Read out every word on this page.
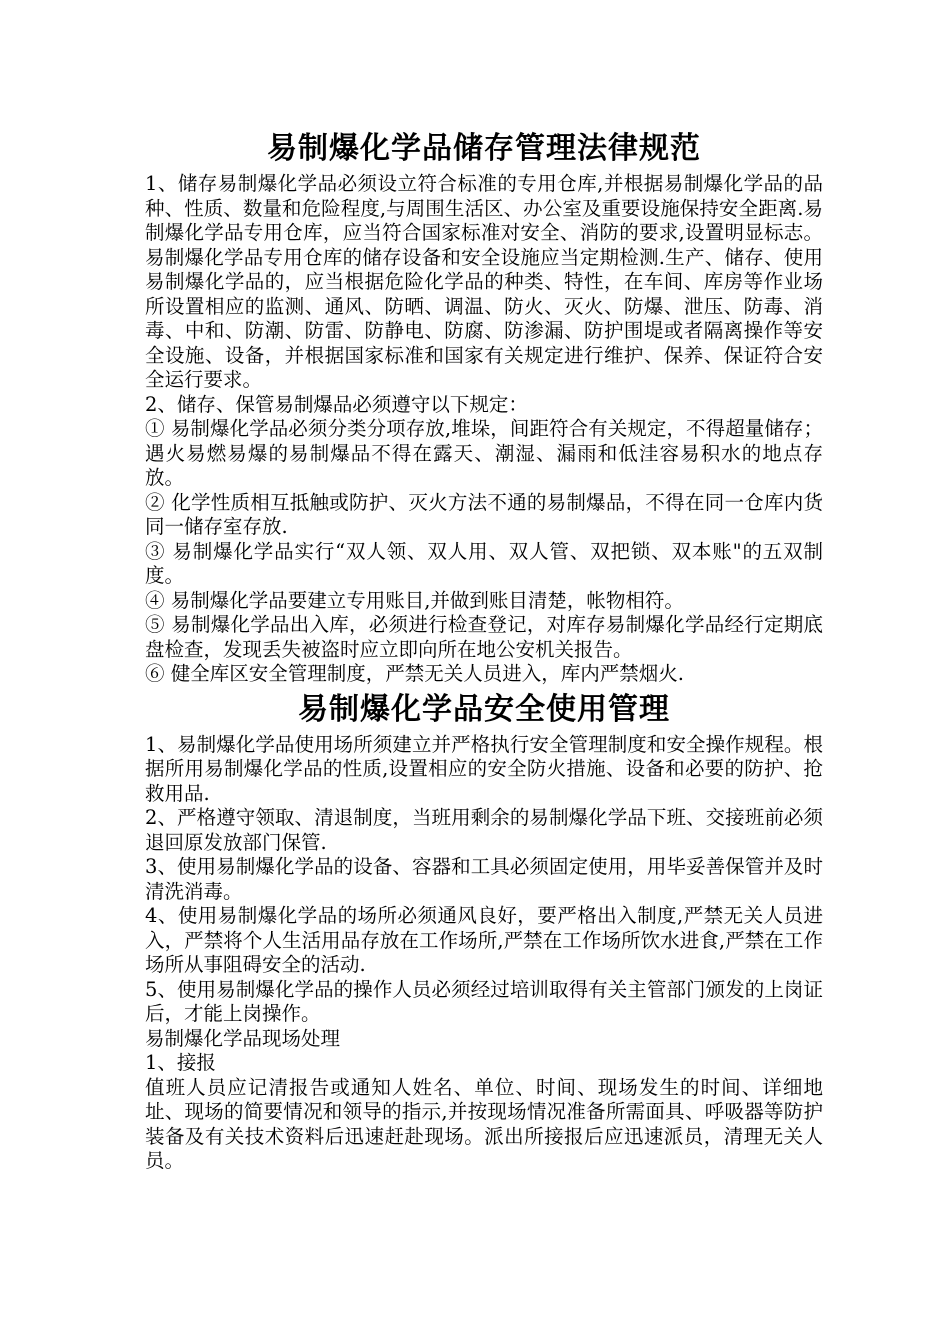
易制爆化学品储存管理法律规范

1、储存易制爆化学品必须设立符合标准的专用仓库,并根据易制爆化学品的品种、性质、数量和危险程度,与周围生活区、办公室及重要设施保持安全距离.易制爆化学品专用仓库，应当符合国家标准对安全、消防的要求,设置明显标志。易制爆化学品专用仓库的储存设备和安全设施应当定期检测.生产、储存、使用易制爆化学品的，应当根据危险化学品的种类、特性，在车间、库房等作业场所设置相应的监测、通风、防晒、调温、防火、灭火、防爆、泄压、防毒、消毒、中和、防潮、防雷、防静电、防腐、防渗漏、防护围堤或者隔离操作等安全设施、设备，并根据国家标准和国家有关规定进行维护、保养、保证符合安全运行要求。

2、储存、保管易制爆品必须遵守以下规定：

① 易制爆化学品必须分类分项存放,堆垛，间距符合有关规定，不得超量储存；遇火易燃易爆的易制爆品不得在露天、潮湿、漏雨和低洼容易积水的地点存放。

② 化学性质相互抵触或防护、灭火方法不通的易制爆品，不得在同一仓库内货同一储存室存放.

③ 易制爆化学品实行“双人领、双人用、双人管、双把锁、双本账"的五双制度。

④ 易制爆化学品要建立专用账目,并做到账目清楚，帐物相符。

⑤ 易制爆化学品出入库，必须进行检查登记，对库存易制爆化学品经行定期底盘检查，发现丢失被盗时应立即向所在地公安机关报告。

⑥ 健全库区安全管理制度，严禁无关人员进入，库内严禁烟火.

易制爆化学品安全使用管理

1、易制爆化学品使用场所须建立并严格执行安全管理制度和安全操作规程。根据所用易制爆化学品的性质,设置相应的安全防火措施、设备和必要的防护、抢救用品.

2、严格遵守领取、清退制度，当班用剩余的易制爆化学品下班、交接班前必须退回原发放部门保管.

3、使用易制爆化学品的设备、容器和工具必须固定使用，用毕妥善保管并及时清洗消毒。

4、使用易制爆化学品的场所必须通风良好，要严格出入制度,严禁无关人员进入，严禁将个人生活用品存放在工作场所,严禁在工作场所饮水进食,严禁在工作场所从事阻碍安全的活动.

5、使用易制爆化学品的操作人员必须经过培训取得有关主管部门颁发的上岗证后，才能上岗操作。

易制爆化学品现场处理

1、接报

值班人员应记清报告或通知人姓名、单位、时间、现场发生的时间、详细地址、现场的简要情况和领导的指示,并按现场情况准备所需面具、呼吸器等防护装备及有关技术资料后迅速赶赴现场。派出所接报后应迅速派员，清理无关人员。
